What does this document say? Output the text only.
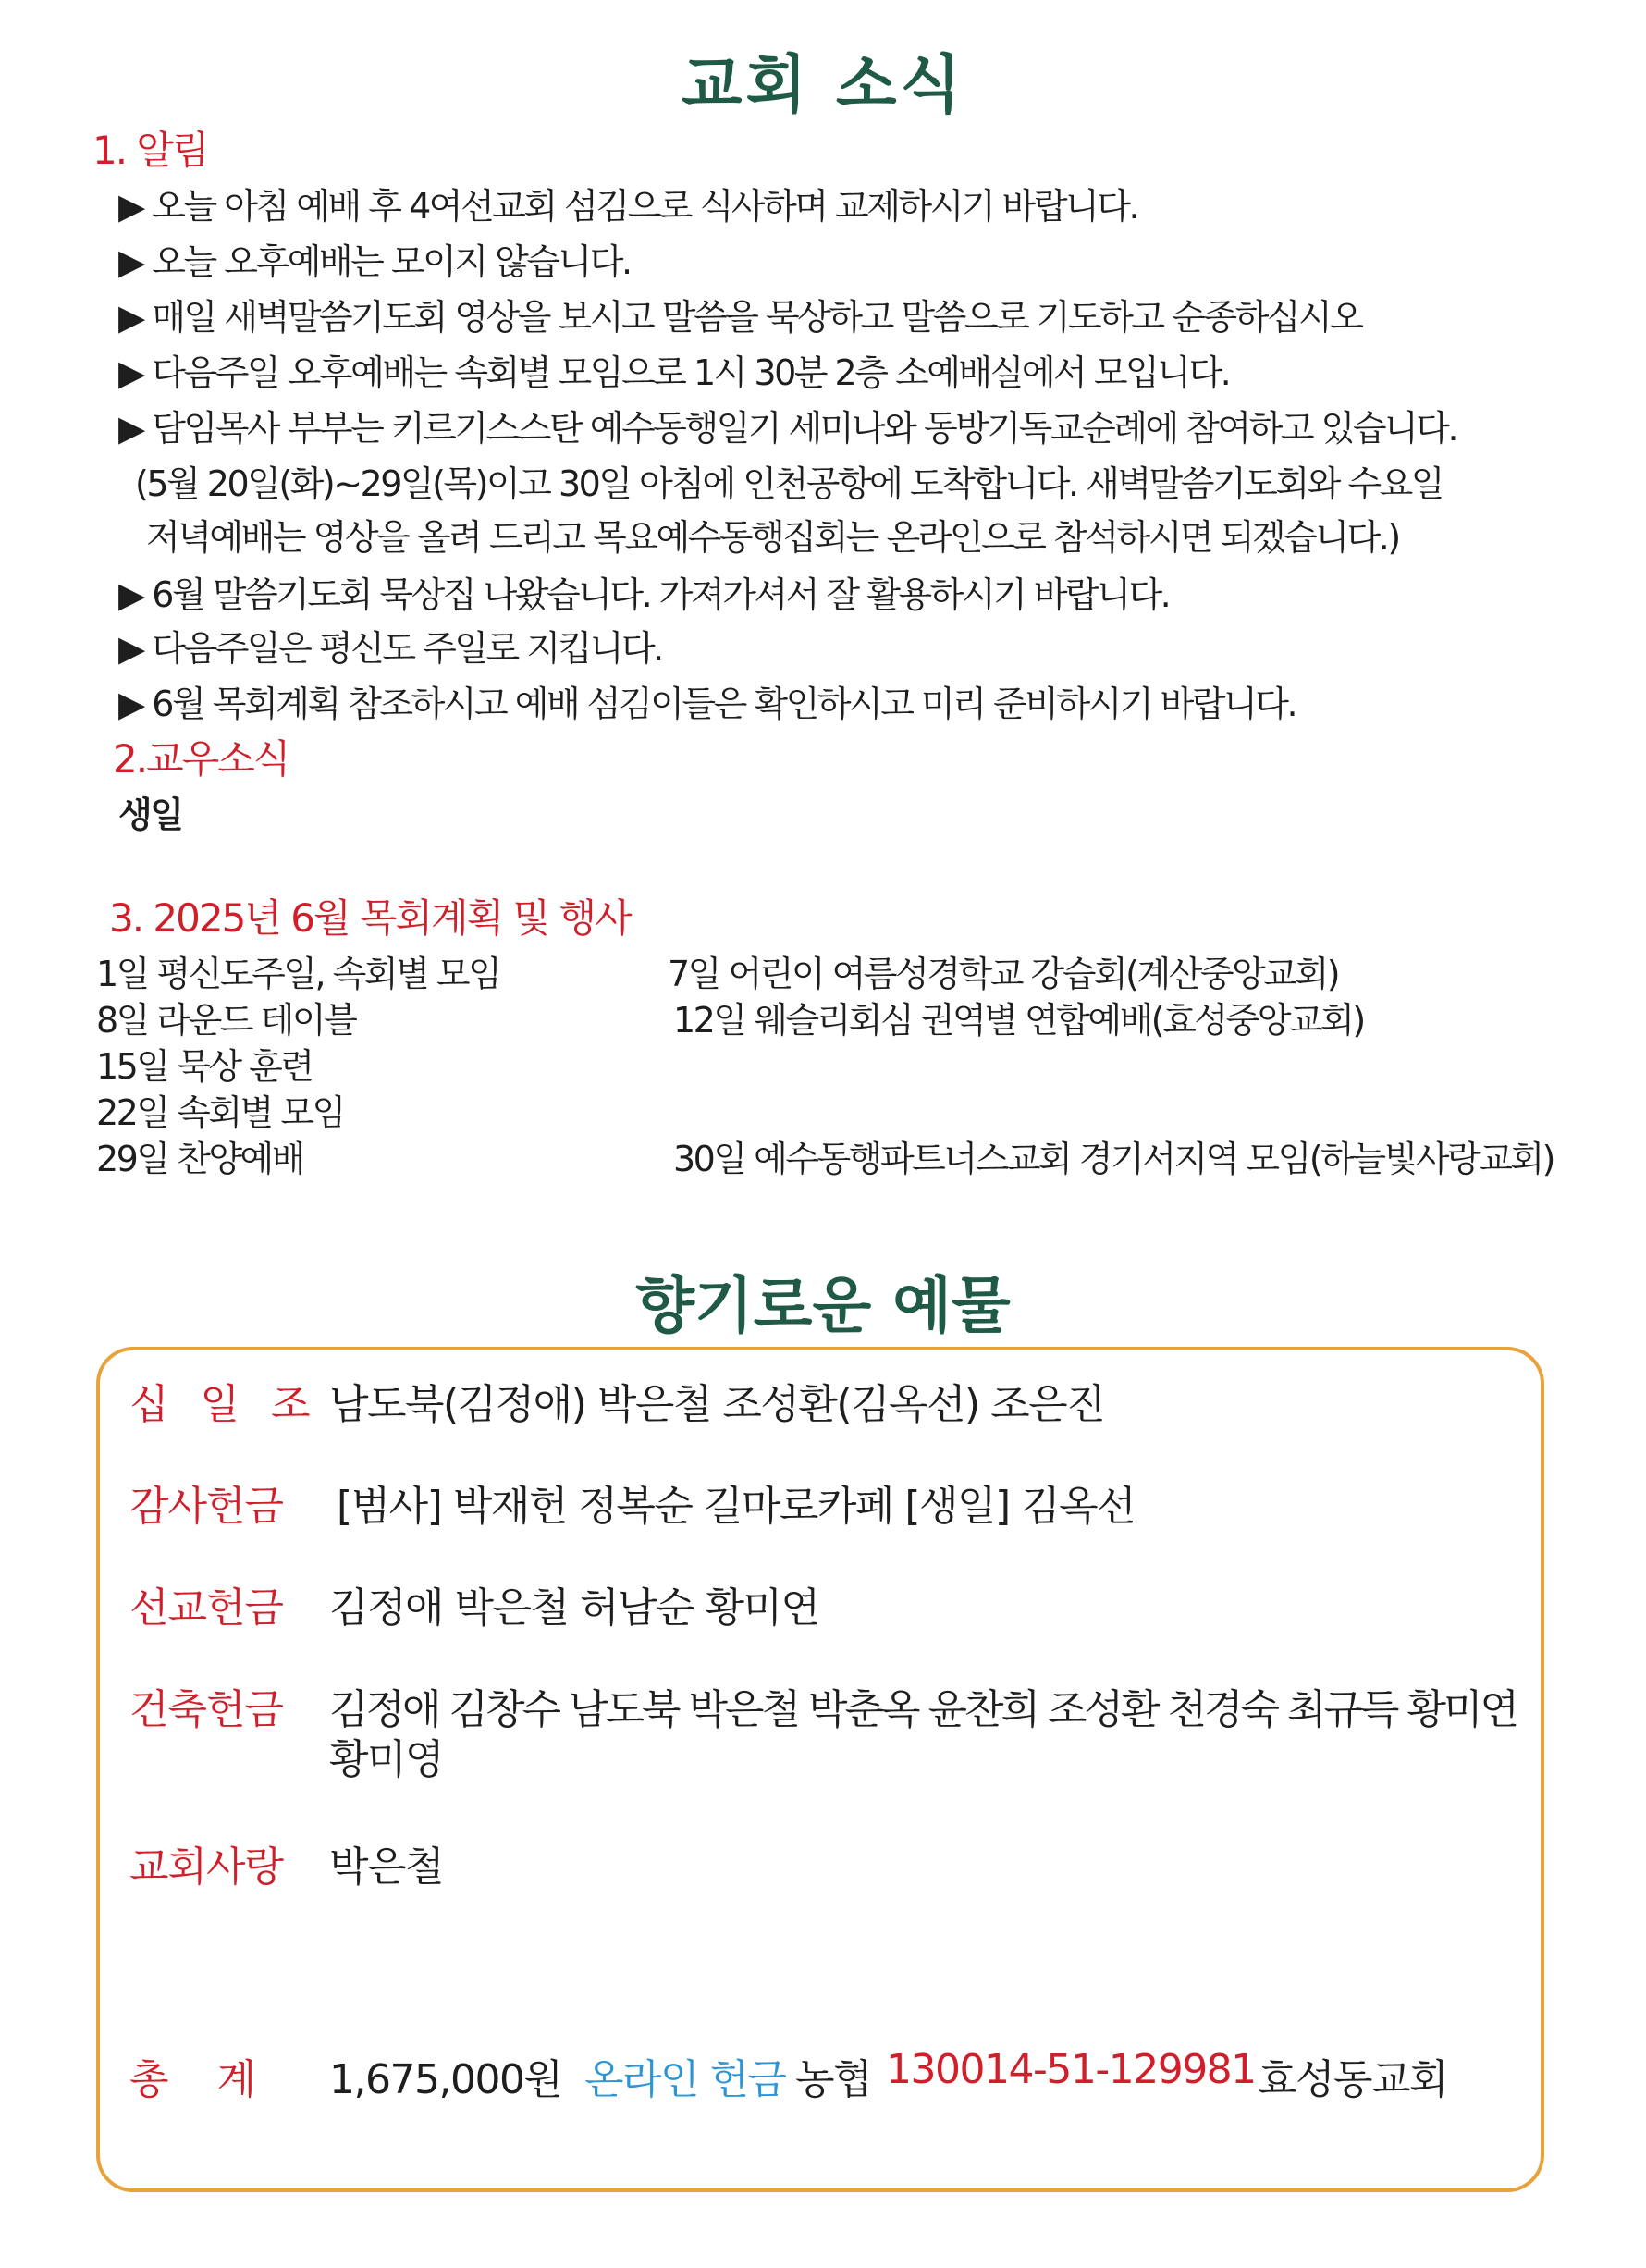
교회 소식
1. 알림
▶ 오늘 아침 예배 후 4여선교회 섬김으로 식사하며 교제하시기 바랍니다.
▶ 오늘 오후예배는 모이지 않습니다.
▶ 매일 새벽말씀기도회 영상을 보시고 말씀을 묵상하고 말씀으로 기도하고 순종하십시오
▶ 다음주일 오후예배는 속회별 모임으로 1시 30분 2층 소예배실에서 모입니다.
▶ 담임목사 부부는 키르기스스탄 예수동행일기 세미나와 동방기독교순례에 참여하고 있습니다.
(5월 20일(화)~29일(목)이고 30일 아침에 인천공항에 도착합니다. 새벽말씀기도회와 수요일
저녁예배는 영상을 올려 드리고 목요예수동행집회는 온라인으로 참석하시면 되겠습니다.)
▶ 6월 말씀기도회 묵상집 나왔습니다. 가져가셔서 잘 활용하시기 바랍니다.
▶ 다음주일은 평신도 주일로 지킵니다.
▶ 6월 목회계획 참조하시고 예배 섬김이들은 확인하시고 미리 준비하시기 바랍니다.
2.교우소식
생일
3. 2025년 6월 목회계획 및 행사
1일 평신도주일, 속회별 모임
8일 라운드 테이블
15일 묵상 훈련
22일 속회별 모임
29일 찬양예배
7일 어린이 여름성경학교 강습회(계산중앙교회)
12일 웨슬리회심 권역별 연합예배(효성중앙교회)
30일 예수동행파트너스교회 경기서지역 모임(하늘빛사랑교회)
향기로운 예물
십 일 조 남도북(김정애) 박은철 조성환(김옥선) 조은진
감사헌금 [범사] 박재헌 정복순 길마로카페 [생일] 김옥선
선교헌금 김정애 박은철 허남순 황미연
건축헌금 김정애 김창수 남도북 박은철 박춘옥 윤찬희 조성환 천경숙 최규득 황미연
황미영
교회사랑 박은철
총 계 1,675,000원 온라인 헌금 농협 130014-51-129981 효성동교회
